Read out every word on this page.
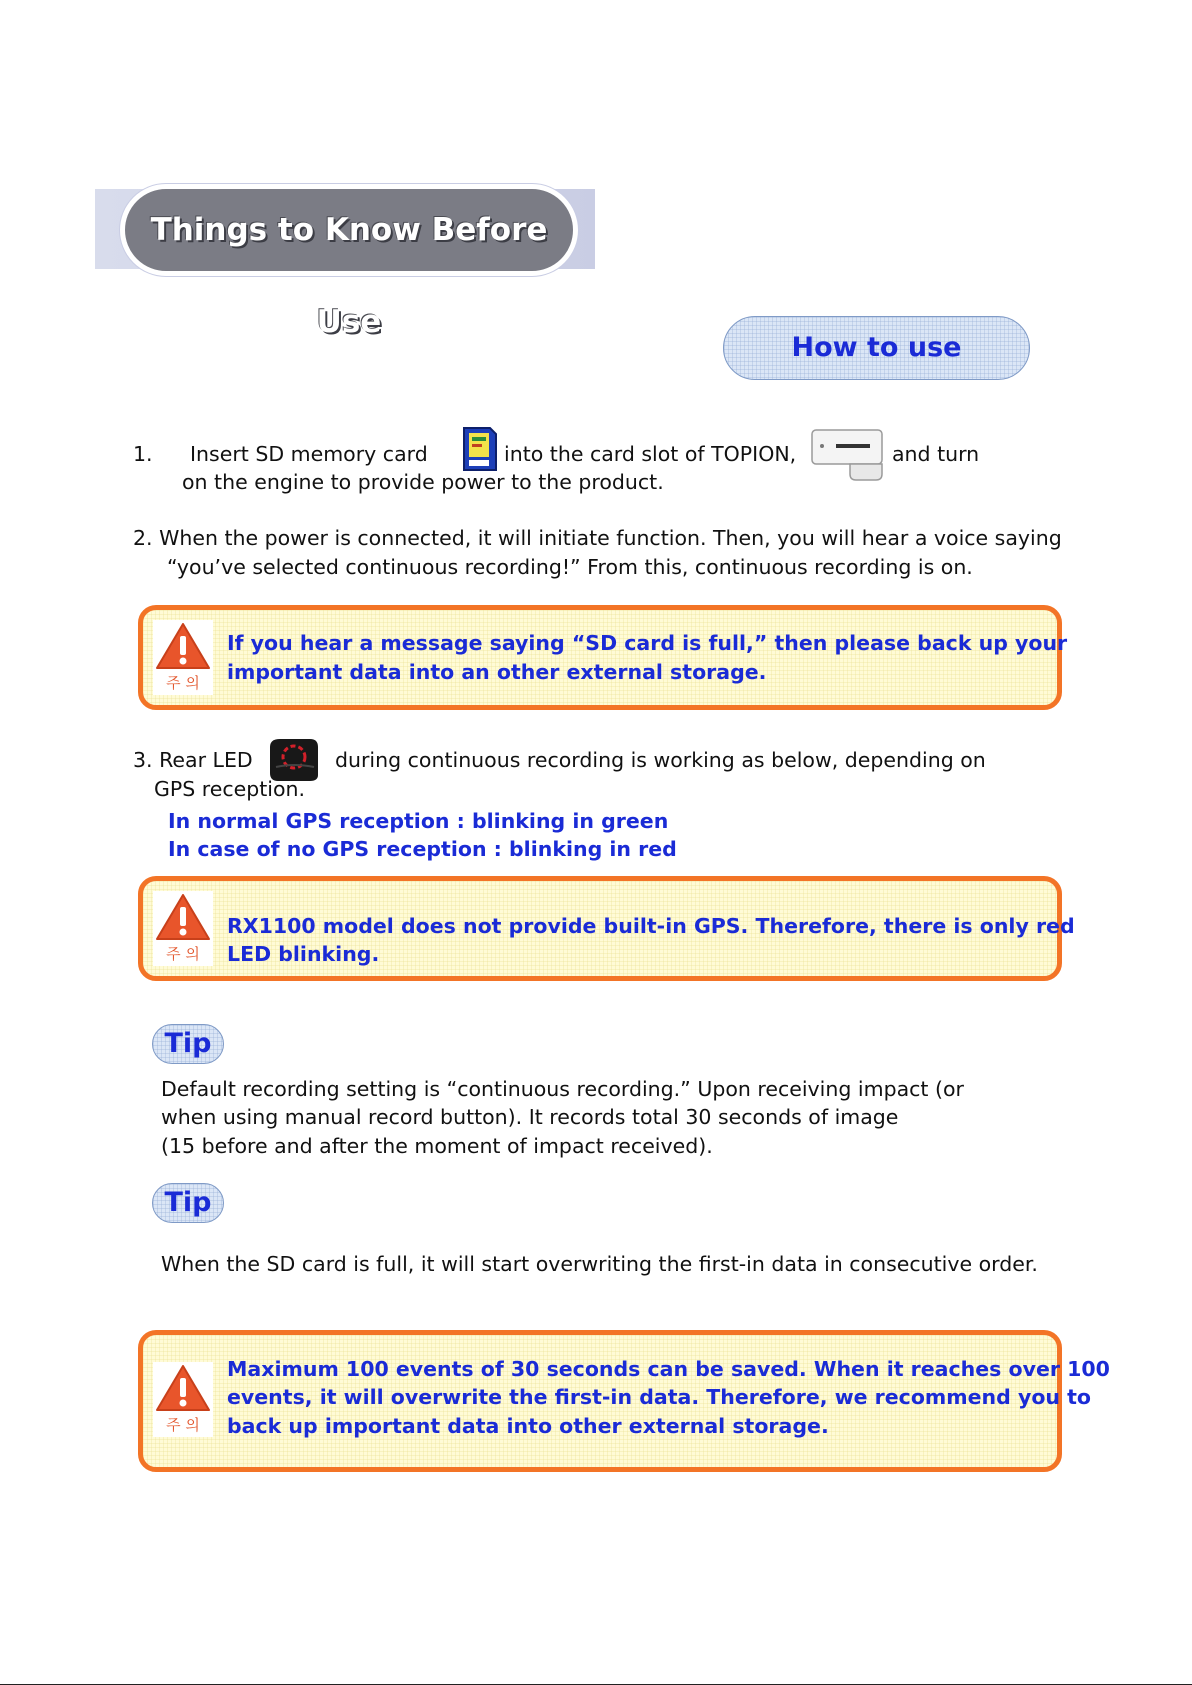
Things to Know Before Use
How to use
1. Insert SD memory card	into the card slot of TOPION,	and turn
on the engine to provide power to the product.
2. When the power is connected, it will initiate function. Then, you will hear a voice saying
“you’ve selected continuous recording!” From this, continuous recording is on.
주 의
If you hear a message saying “SD card is full,” then please back up your
important data into an other external storage.
3. Rear LED	during continuous recording is working as below, depending on
GPS reception.
In normal GPS reception : blinking in green
In case of no GPS reception : blinking in red
주 의
RX1100 model does not provide built-in GPS. Therefore, there is only red
LED blinking.
Tip
Default recording setting is “continuous recording.” Upon receiving impact (or
when using manual record button). It records total 30 seconds of image
(15 before and after the moment of impact received).
Tip
When the SD card is full, it will start overwriting the first-in data in consecutive order.
주 의
Maximum 100 events of 30 seconds can be saved. When it reaches over 100
events, it will overwrite the first-in data. Therefore, we recommend you to
back up important data into other external storage.
